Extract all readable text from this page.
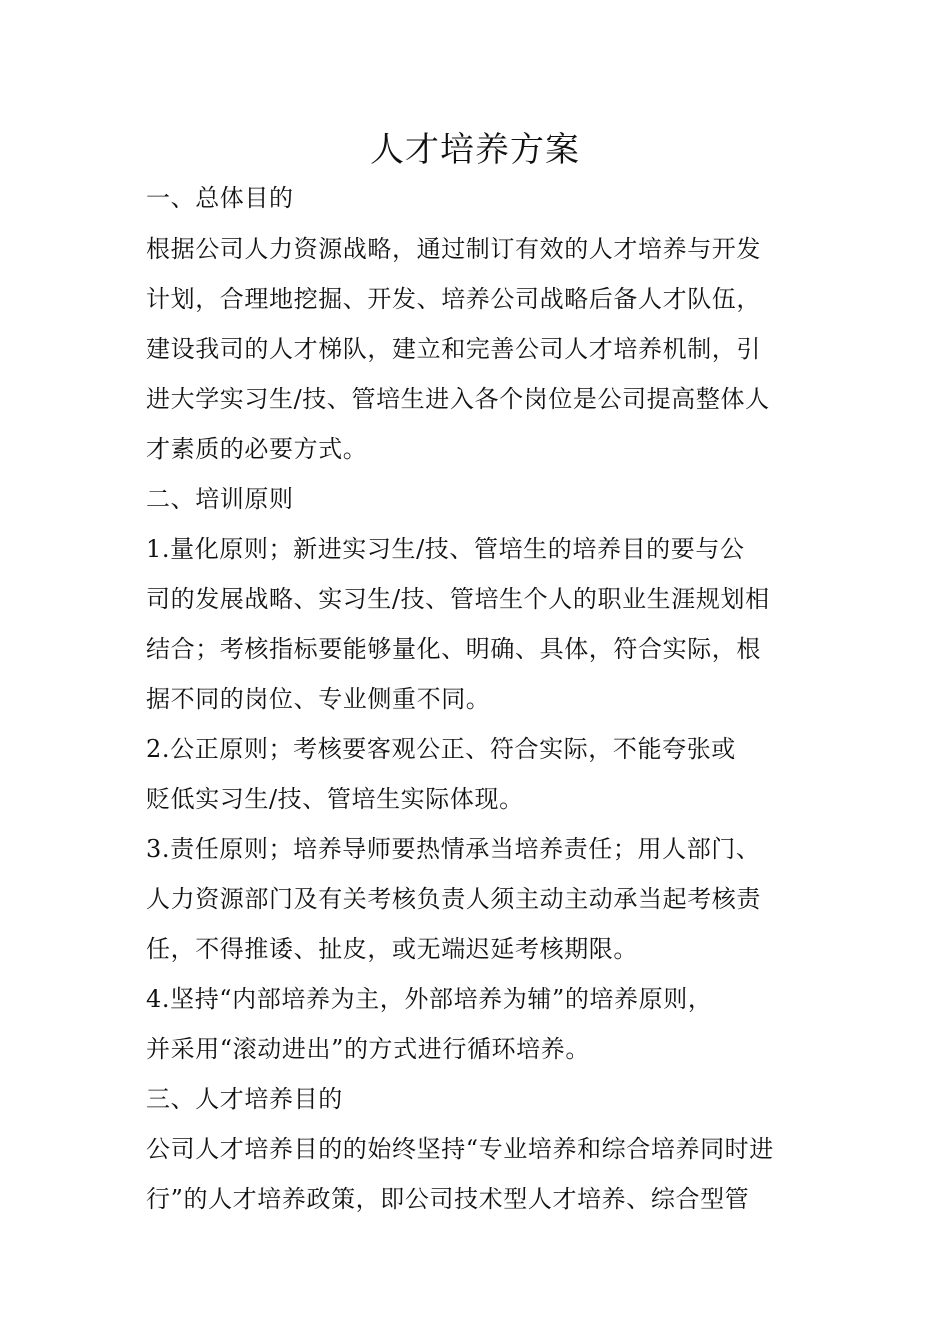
人才培养方案
一、总体目的
根据公司人力资源战略，通过制订有效的人才培养与开发
计划，合理地挖掘、开发、培养公司战略后备人才队伍，
建设我司的人才梯队，建立和完善公司人才培养机制，引
进大学实习生/技、管培生进入各个岗位是公司提高整体人
才素质的必要方式。
二、培训原则
1.量化原则；新进实习生/技、管培生的培养目的要与公
司的发展战略、实习生/技、管培生个人的职业生涯规划相
结合；考核指标要能够量化、明确、具体，符合实际，根
据不同的岗位、专业侧重不同。
2.公正原则；考核要客观公正、符合实际，不能夸张或
贬低实习生/技、管培生实际体现。
3.责任原则；培养导师要热情承当培养责任；用人部门、
人力资源部门及有关考核负责人须主动主动承当起考核责
任，不得推诿、扯皮，或无端迟延考核期限。
4.坚持“内部培养为主，外部培养为辅”的培养原则，
并采用“滚动进出”的方式进行循环培养。
三、人才培养目的
公司人才培养目的的始终坚持“专业培养和综合培养同时进
行”的人才培养政策，即公司技术型人才培养、综合型管
